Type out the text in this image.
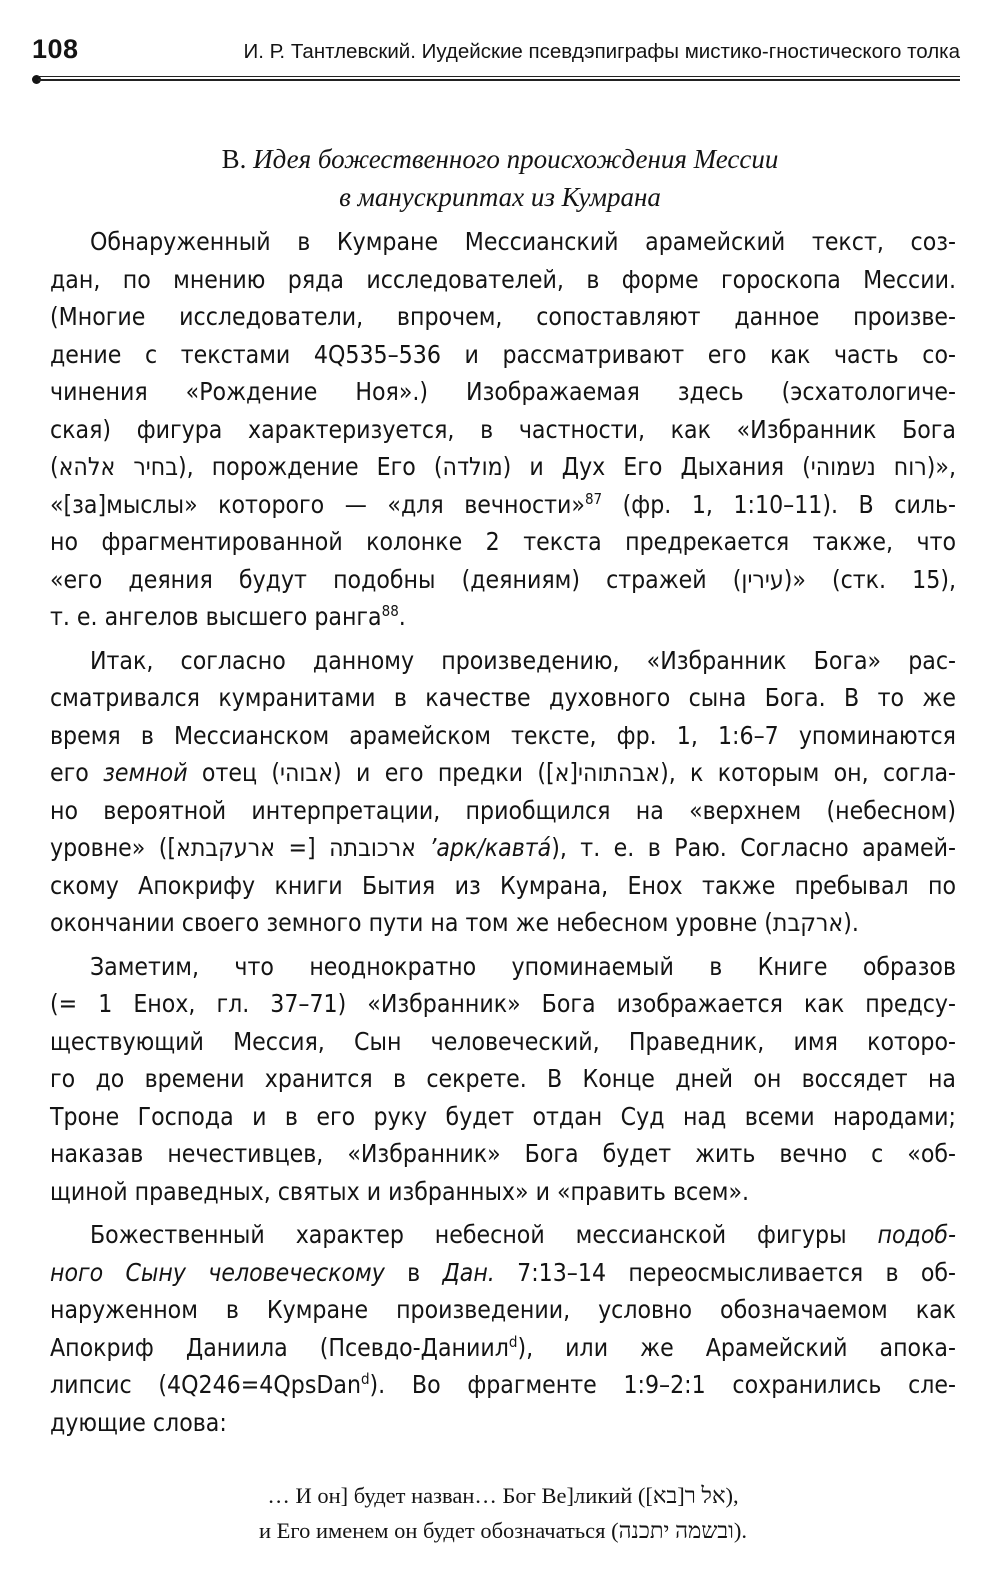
108	И. Р. Тантлевский. Иудейские псевдэпиграфы мистико-гностического толка
В. Идея божественного происхождения Мессии
в манускриптах из Кумрана
Обнаруженный в Кумране Мессианский арамейский текст, соз-
дан, по мнению ряда исследователей, в форме гороскопа Мессии.
(Многие исследователи, впрочем, сопоставляют данное произве-
дение с текстами 4Q535–536 и рассматривают его как часть со-
чинения «Рождение Ноя».) Изображаемая здесь (эсхатологиче-
ская) фигура характеризуется, в частности, как «Избранник Бога
(בחיר אלהא), порождение Его (מולדה) и Дух Его Дыхания (רוח נשמוהי)»,
«[за]мыслы» которого — «для вечности»$^{87}$ (фр. 1, 1:10–11). В силь-
но фрагментированной колонке 2 текста предрекается также, что
«его деяния будут подобны (деяниям) стражей (עירין)» (стк. 15),
т. е. ангелов высшего ранга$^{88}$.
Итак, согласно данному произведению, «Избранник Бога» рас-
сматривался кумранитами в качестве духовного сына Бога. В то же
время в Мессианском арамейском тексте, фр. 1, 1:6–7 упоминаются
его земной отец (אבוהי) и его предки (אבהתוהי[א]), к которым он, согла-
но вероятной интерпретации, приобщился на «верхнем (небесном)
уровне» (ארכובתה [= ארעקבתא] ’арк/кавта́), т. е. в Раю. Согласно арамей-
скому Апокрифу книги Бытия из Кумрана, Енох также пребывал по
окончании своего земного пути на том же небесном уровне (ארקבת).
Заметим, что неоднократно упоминаемый в Книге образов
(= 1 Енох, гл. 37–71) «Избранник» Бога изображается как предсу-
ществующий Мессия, Сын человеческий, Праведник, имя которо-
го до времени хранится в секрете. В Конце дней он воссядет на
Троне Господа и в его руку будет отдан Суд над всеми народами;
наказав нечестивцев, «Избранник» Бога будет жить вечно с «об-
щиной праведных, святых и избранных» и «править всем».
Божественный характер небесной мессианской фигуры подоб-
ного Сыну человеческому в Дан. 7:13–14 переосмысливается в об-
наруженном в Кумране произведении, условно обозначаемом как
Апокриф Даниила (Псевдо-Даниил$^d$), или же Арамейский апока-
липсис (4Q246=4QpsDan$^d$). Во фрагменте 1:9–2:1 сохранились сле-
дующие слова:
… И он] будет назван… Бог Ве]ликий (אל ר[בא]),
и Его именем он будет обозначаться (ובשמה יתכנה).
